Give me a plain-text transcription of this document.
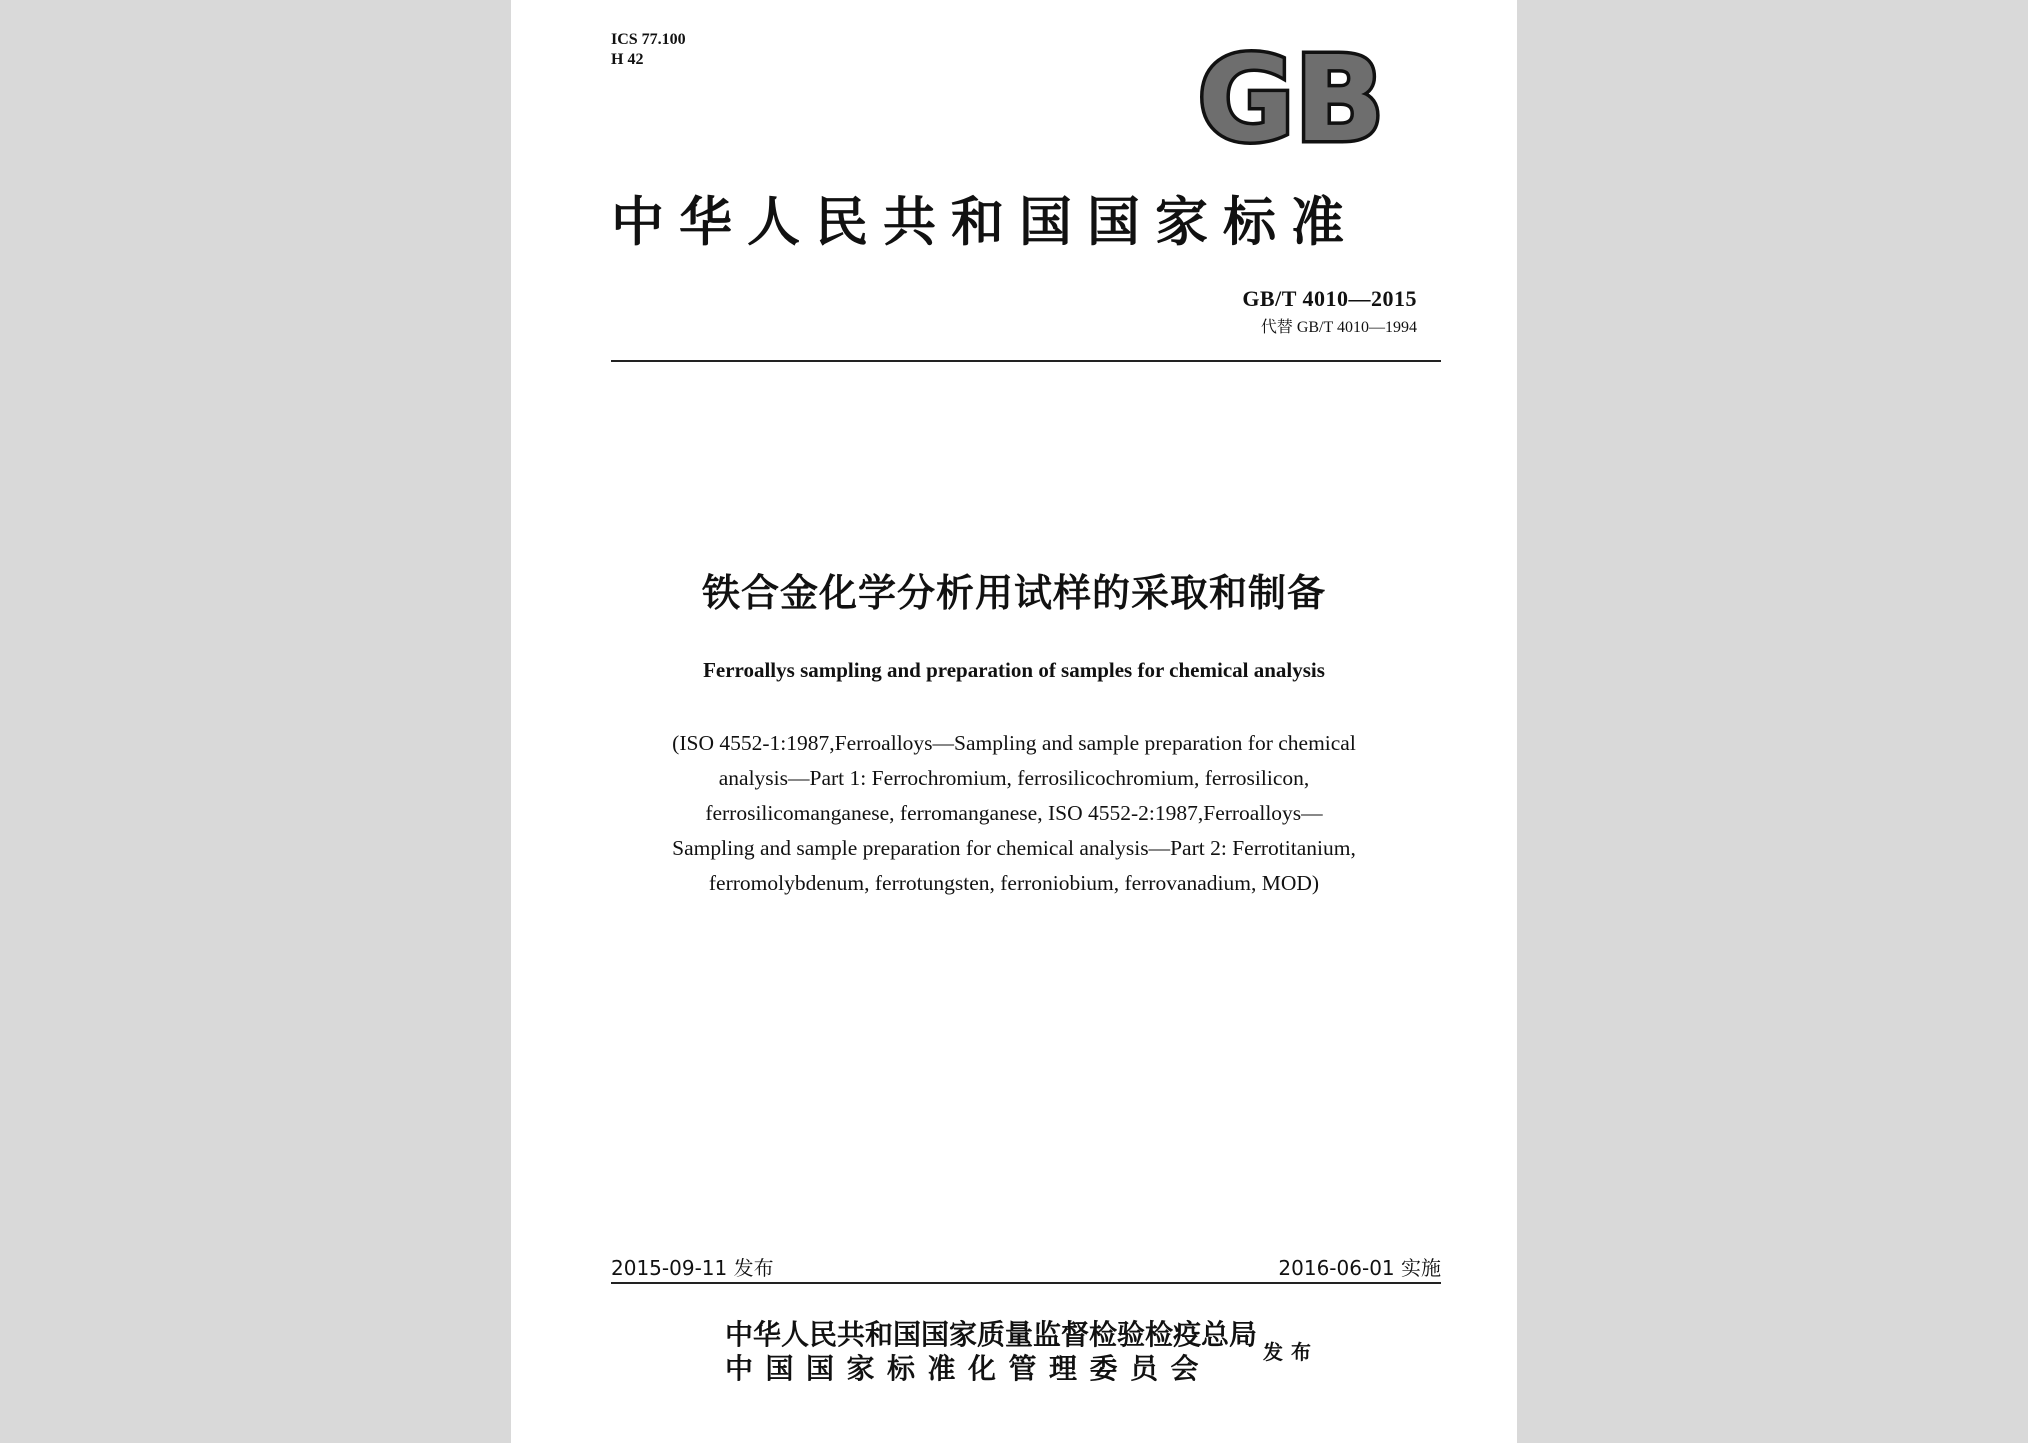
ICS 77.100
H 42	GB
中华人民共和国国家标准
GB/T 4010—2015
代替 GB/T 4010—1994
铁合金化学分析用试样的采取和制备
Ferroallys sampling and preparation of samples for chemical analysis
(ISO 4552-1:1987,Ferroalloys—Sampling and sample preparation for chemical
analysis—Part 1: Ferrochromium, ferrosilicochromium, ferrosilicon,
ferrosilicomanganese, ferromanganese, ISO 4552-2:1987,Ferroalloys—
Sampling and sample preparation for chemical analysis—Part 2: Ferrotitanium,
ferromolybdenum, ferrotungsten, ferroniobium, ferrovanadium, MOD)
2015-09-11 发布	2016-06-01 实施
中华人民共和国国家质量监督检验检疫总局
中国国家标准化管理委员会	发布
